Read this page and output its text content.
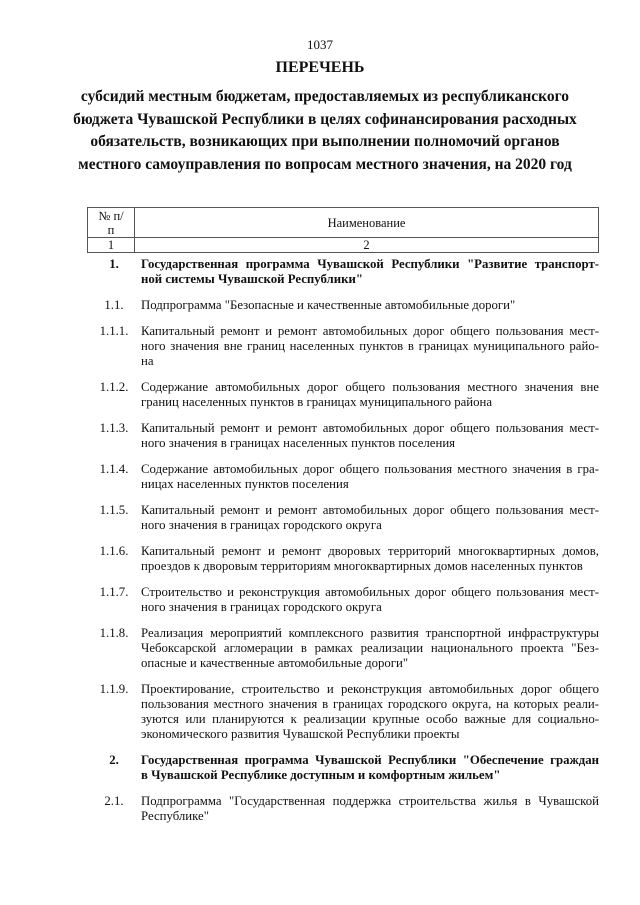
1037
ПЕРЕЧЕНЬ
субсидий местным бюджетам, предоставляемых из республиканского
бюджета Чувашской Республики в целях софинансирования расходных
обязательств, возникающих при выполнении полномочий органов
местного самоуправления по вопросам местного значения, на 2020 год
№ п/п	Наименование
1	2
1.	Государственная программа Чувашской Республики "Развитие транспорт-
ной системы Чувашской Республики"
1.1.	Подпрограмма "Безопасные и качественные автомобильные дороги"
1.1.1. Капитальный ремонт и ремонт автомобильных дорог общего пользования мест-
ного значения вне границ населенных пунктов в границах муниципального райо-
на
1.1.2. Содержание автомобильных дорог общего пользования местного значения вне
границ населенных пунктов в границах муниципального района
1.1.3. Капитальный ремонт и ремонт автомобильных дорог общего пользования мест-
ного значения в границах населенных пунктов поселения
1.1.4. Содержание автомобильных дорог общего пользования местного значения в гра-
ницах населенных пунктов поселения
1.1.5. Капитальный ремонт и ремонт автомобильных дорог общего пользования мест-
ного значения в границах городского округа
1.1.6. Капитальный ремонт и ремонт дворовых территорий многоквартирных домов,
проездов к дворовым территориям многоквартирных домов населенных пунктов
1.1.7. Строительство и реконструкция автомобильных дорог общего пользования мест-
ного значения в границах городского округа
1.1.8. Реализация мероприятий комплексного развития транспортной инфраструктуры
Чебоксарской агломерации в рамках реализации национального проекта "Без-
опасные и качественные автомобильные дороги"
1.1.9. Проектирование, строительство и реконструкция автомобильных дорог общего
пользования местного значения в границах городского округа, на которых реали-
зуются или планируются к реализации крупные особо важные для социально-
экономического развития Чувашской Республики проекты
2.	Государственная программа Чувашской Республики "Обеспечение граждан
в Чувашской Республике доступным и комфортным жильем"
2.1.	Подпрограмма "Государственная поддержка строительства жилья в Чувашской
Республике"
